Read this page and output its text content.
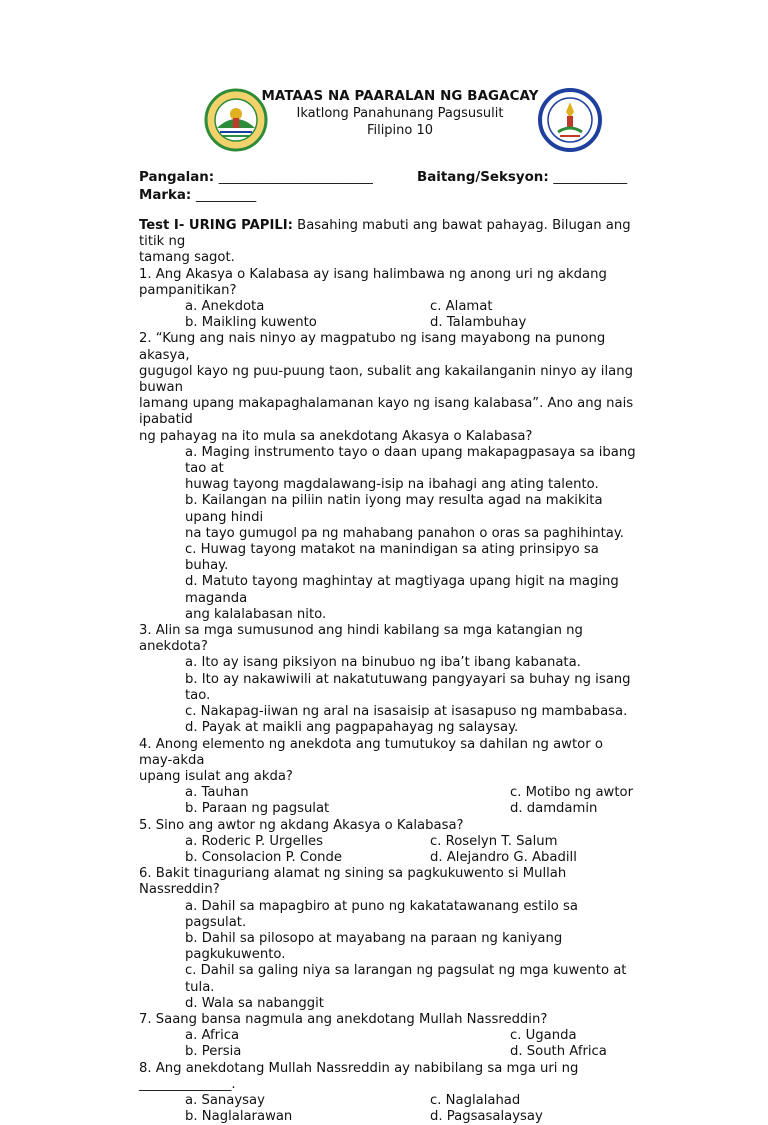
MATAAS NA PAARALAN NG BAGACAY
Ikatlong Panahunang Pagsusulit
Filipino 10
Pangalan: _______________________	Baitang/Seksyon: ___________
Marka: _________
Test I- URING PAPILI: Basahing mabuti ang bawat pahayag. Bilugan ang titik ng
tamang sagot.
1. Ang Akasya o Kalabasa ay isang halimbawa ng anong uri ng akdang
pampanitikan?
a. Anekdota	c. Alamat
b. Maikling kuwento	d. Talambuhay
2. “Kung ang nais ninyo ay magpatubo ng isang mayabong na punong akasya,
gugugol kayo ng puu-puung taon, subalit ang kakailanganin ninyo ay ilang buwan
lamang upang makapaghalamanan kayo ng isang kalabasa”. Ano ang nais ipabatid
ng pahayag na ito mula sa anekdotang Akasya o Kalabasa?
a. Maging instrumento tayo o daan upang makapagpasaya sa ibang tao at
huwag tayong magdalawang-isip na ibahagi ang ating talento.
b. Kailangan na piliin natin iyong may resulta agad na makikita upang hindi
na tayo gumugol pa ng mahabang panahon o oras sa paghihintay.
c. Huwag tayong matakot na manindigan sa ating prinsipyo sa buhay.
d. Matuto tayong maghintay at magtiyaga upang higit na maging maganda
ang kalalabasan nito.
3. Alin sa mga sumusunod ang hindi kabilang sa mga katangian ng anekdota?
a. Ito ay isang piksiyon na binubuo ng iba’t ibang kabanata.
b. Ito ay nakawiwili at nakatutuwang pangyayari sa buhay ng isang tao.
c. Nakapag-iiwan ng aral na isasaisip at isasapuso ng mambabasa.
d. Payak at maikli ang pagpapahayag ng salaysay.
4. Anong elemento ng anekdota ang tumutukoy sa dahilan ng awtor o may-akda
upang isulat ang akda?
a. Tauhan	c. Motibo ng awtor
b. Paraan ng pagsulat	d. damdamin
5. Sino ang awtor ng akdang Akasya o Kalabasa?
a. Roderic P. Urgelles	c. Roselyn T. Salum
b. Consolacion P. Conde	d. Alejandro G. Abadill
6. Bakit tinaguriang alamat ng sining sa pagkukuwento si Mullah Nassreddin?
a. Dahil sa mapagbiro at puno ng kakatatawanang estilo sa pagsulat.
b. Dahil sa pilosopo at mayabang na paraan ng kaniyang pagkukuwento.
c. Dahil sa galing niya sa larangan ng pagsulat ng mga kuwento at tula.
d. Wala sa nabanggit
7. Saang bansa nagmula ang anekdotang Mullah Nassreddin?
a. Africa	c. Uganda
b. Persia	d. South Africa
8. Ang anekdotang Mullah Nassreddin ay nabibilang sa mga uri ng ______________.
a. Sanaysay	c. Naglalahad
b. Naglalarawan	d. Pagsasalaysay
